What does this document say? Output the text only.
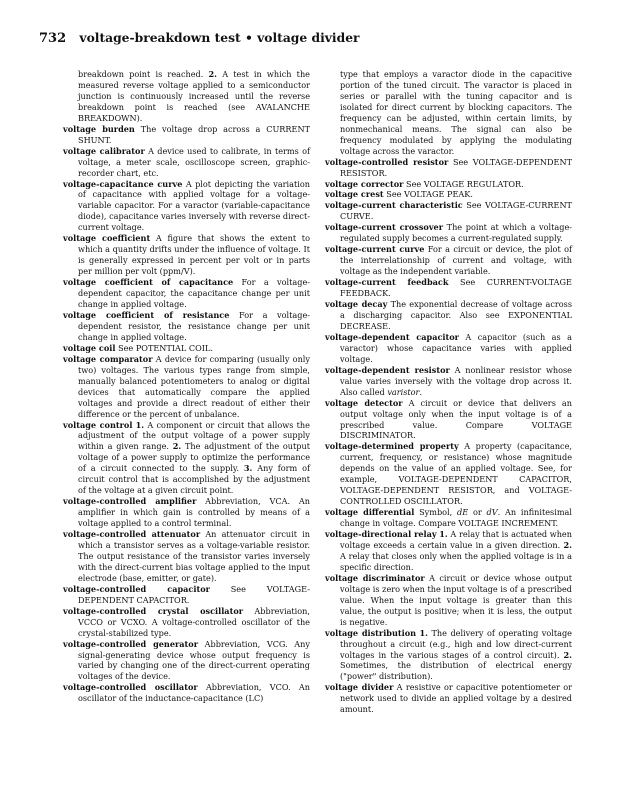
732 voltage-breakdown test • voltage divider

breakdown point is reached. 2. A test in which the measured reverse voltage applied to a semiconductor junction is continuously increased until the reverse breakdown point is reached (see AVALANCHE BREAKDOWN).

voltage burden The voltage drop across a CURRENT SHUNT.

voltage calibrator A device used to calibrate, in terms of voltage, a meter scale, oscilloscope screen, graphic-recorder chart, etc.

voltage-capacitance curve A plot depicting the variation of capacitance with applied voltage for a voltage-variable capacitor. For a varactor (variable-capacitance diode), capacitance varies inversely with reverse direct-current voltage.

voltage coefficient A figure that shows the extent to which a quantity drifts under the influence of voltage. It is generally expressed in percent per volt or in parts per million per volt (ppm/V).

voltage coefficient of capacitance For a voltage-dependent capacitor, the capacitance change per unit change in applied voltage.

voltage coefficient of resistance For a voltage-dependent resistor, the resistance change per unit change in applied voltage.

voltage coil See POTENTIAL COIL.

voltage comparator A device for comparing (usually only two) voltages. The various types range from simple, manually balanced potentiometers to analog or digital devices that automatically compare the applied voltages and provide a direct readout of either their difference or the percent of unbalance.

voltage control 1. A component or circuit that allows the adjustment of the output voltage of a power supply within a given range. 2. The adjustment of the output voltage of a power supply to optimize the performance of a circuit connected to the supply. 3. Any form of circuit control that is accomplished by the adjustment of the voltage at a given circuit point.

voltage-controlled amplifier Abbreviation, VCA. An amplifier in which gain is controlled by means of a voltage applied to a control terminal.

voltage-controlled attenuator An attenuator circuit in which a transistor serves as a voltage-variable resistor. The output resistance of the transistor varies inversely with the direct-current bias voltage applied to the input electrode (base, emitter, or gate).

voltage-controlled capacitor	See VOLTAGE-DEPENDENT CAPACITOR.

voltage-controlled crystal oscillator Abbreviation, VCCO or VCXO. A voltage-controlled oscillator of the crystal-stabilized type.

voltage-controlled generator Abbreviation, VCG. Any signal-generating device whose output frequency is varied by changing one of the direct-current operating voltages of the device.

voltage-controlled oscillator Abbreviation, VCO. An oscillator of the inductance-capacitance (LC)

type that employs a varactor diode in the capacitive portion of the tuned circuit. The varactor is placed in series or parallel with the tuning capacitor and is isolated for direct current by blocking capacitors. The frequency can be adjusted, within certain limits, by nonmechanical means. The signal can also be frequency modulated by applying the modulating voltage across the varactor.

voltage-controlled resistor See VOLTAGE-DEPENDENT RESISTOR.

voltage corrector See VOLTAGE REGULATOR.

voltage crest See VOLTAGE PEAK.

voltage-current characteristic See VOLTAGE-CURRENT CURVE.

voltage-current crossover The point at which a voltage-regulated supply becomes a current-regulated supply.

voltage-current curve For a circuit or device, the plot of the interrelationship of current and voltage, with voltage as the independent variable.

voltage-current feedback See CURRENT-VOLTAGE FEEDBACK.

voltage decay The exponential decrease of voltage across a discharging capacitor. Also see EXPONENTIAL DECREASE.

voltage-dependent capacitor A capacitor (such as a varactor) whose capacitance varies with applied voltage.

voltage-dependent resistor A nonlinear resistor whose value varies inversely with the voltage drop across it. Also called varistor.

voltage detector A circuit or device that delivers an output voltage only when the input voltage is of a prescribed value. Compare VOLTAGE DISCRIMINATOR.

voltage-determined property A property (capacitance, current, frequency, or resistance) whose magnitude depends on the value of an applied voltage. See, for example, VOLTAGE-DEPENDENT CAPACITOR, VOLTAGE-DEPENDENT RESISTOR, and VOLTAGE-CONTROLLED OSCILLATOR.

voltage differential Symbol, dE or dV. An infinitesimal change in voltage. Compare VOLTAGE INCREMENT.

voltage-directional relay 1. A relay that is actuated when voltage exceeds a certain value in a given direction. 2. A relay that closes only when the applied voltage is in a specific direction.

voltage discriminator A circuit or device whose output voltage is zero when the input voltage is of a prescribed value. When the input voltage is greater than this value, the output is positive; when it is less, the output is negative.

voltage distribution 1. The delivery of operating voltage throughout a circuit (e.g., high and low direct-current voltages in the various stages of a control circuit). 2. Sometimes, the distribution of electrical energy ("power" distribution).

voltage divider A resistive or capacitive potentiometer or network used to divide an applied voltage by a desired amount.
